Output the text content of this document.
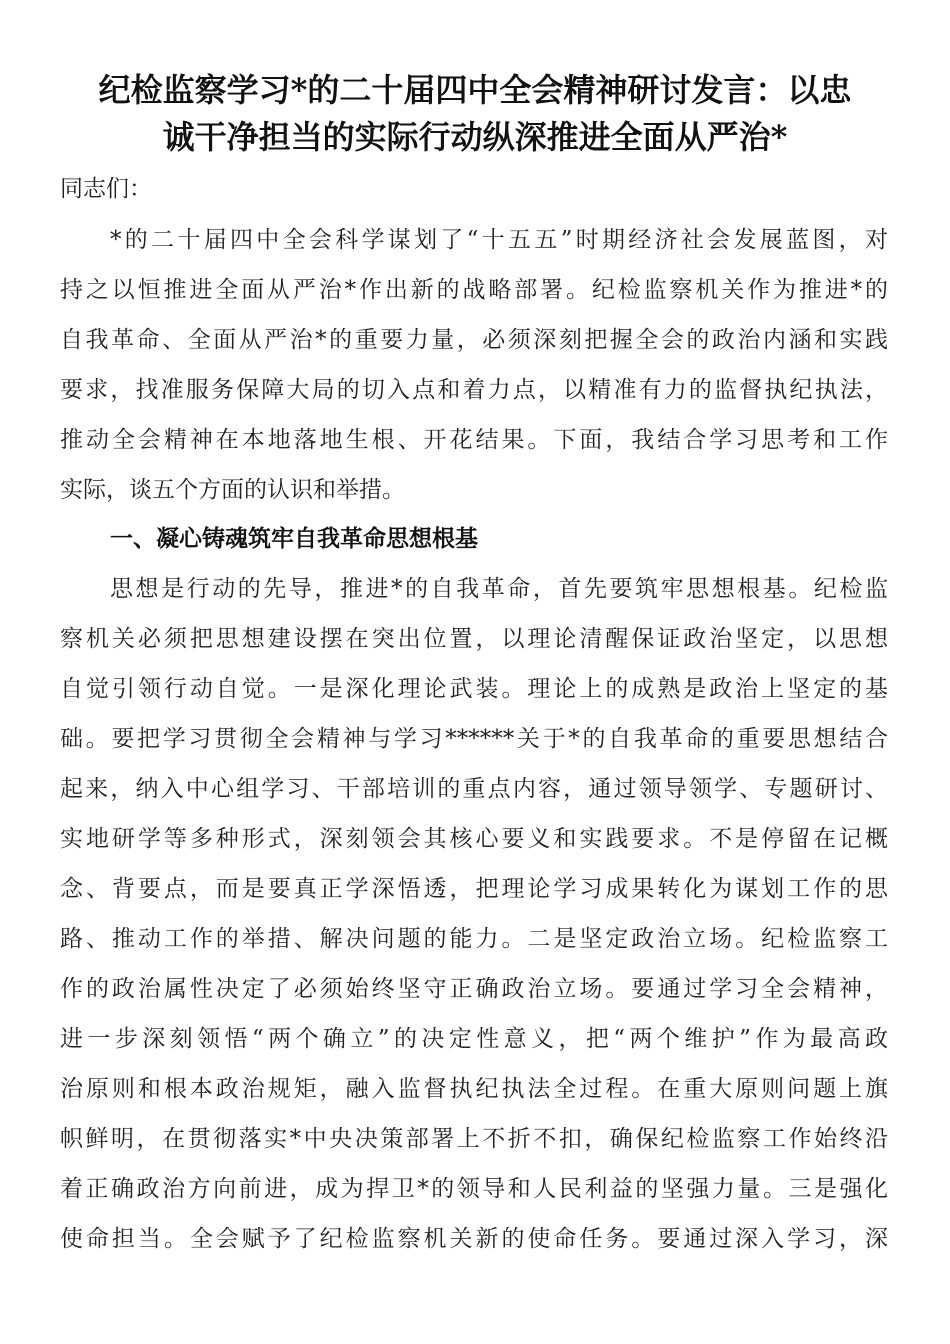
纪检监察学习*的二十届四中全会精神研讨发言：以忠
诚干净担当的实际行动纵深推进全面从严治*
同志们：
*的二十届四中全会科学谋划了“十五五”时期经济社会发展蓝图，对
持之以恒推进全面从严治*作出新的战略部署。纪检监察机关作为推进*的
自我革命、全面从严治*的重要力量，必须深刻把握全会的政治内涵和实践
要求，找准服务保障大局的切入点和着力点，以精准有力的监督执纪执法，
推动全会精神在本地落地生根、开花结果。下面，我结合学习思考和工作
实际，谈五个方面的认识和举措。
一、凝心铸魂筑牢自我革命思想根基
思想是行动的先导，推进*的自我革命，首先要筑牢思想根基。纪检监
察机关必须把思想建设摆在突出位置，以理论清醒保证政治坚定，以思想
自觉引领行动自觉。一是深化理论武装。理论上的成熟是政治上坚定的基
础。要把学习贯彻全会精神与学习******关于*的自我革命的重要思想结合
起来，纳入中心组学习、干部培训的重点内容，通过领导领学、专题研讨、
实地研学等多种形式，深刻领会其核心要义和实践要求。不是停留在记概
念、背要点，而是要真正学深悟透，把理论学习成果转化为谋划工作的思
路、推动工作的举措、解决问题的能力。二是坚定政治立场。纪检监察工
作的政治属性决定了必须始终坚守正确政治立场。要通过学习全会精神，
进一步深刻领悟“两个确立”的决定性意义，把“两个维护”作为最高政
治原则和根本政治规矩，融入监督执纪执法全过程。在重大原则问题上旗
帜鲜明，在贯彻落实*中央决策部署上不折不扣，确保纪检监察工作始终沿
着正确政治方向前进，成为捍卫*的领导和人民利益的坚强力量。三是强化
使命担当。全会赋予了纪检监察机关新的使命任务。要通过深入学习，深
